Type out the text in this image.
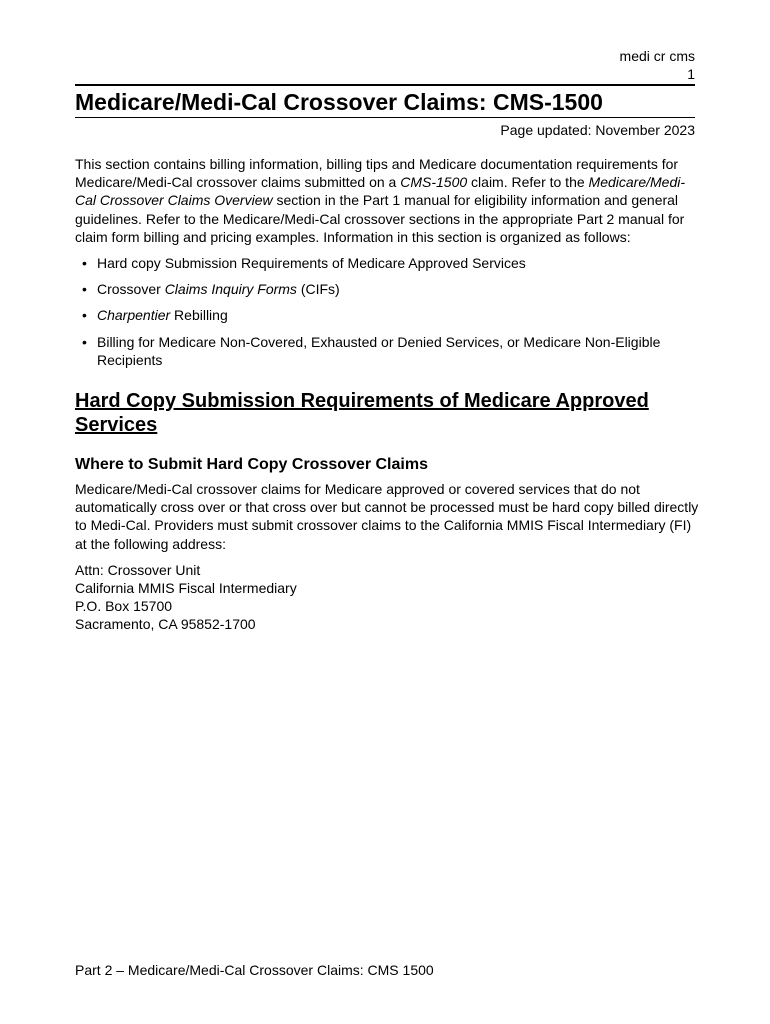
medi cr cms
1
Medicare/Medi-Cal Crossover Claims: CMS-1500
Page updated: November 2023

This section contains billing information, billing tips and Medicare documentation requirements for Medicare/Medi-Cal crossover claims submitted on a CMS-1500 claim. Refer to the Medicare/Medi-Cal Crossover Claims Overview section in the Part 1 manual for eligibility information and general guidelines. Refer to the Medicare/Medi-Cal crossover sections in the appropriate Part 2 manual for claim form billing and pricing examples. Information in this section is organized as follows:

• Hard copy Submission Requirements of Medicare Approved Services
• Crossover Claims Inquiry Forms (CIFs)
• Charpentier Rebilling
• Billing for Medicare Non-Covered, Exhausted or Denied Services, or Medicare Non-Eligible Recipients
Hard Copy Submission Requirements of Medicare Approved Services
Where to Submit Hard Copy Crossover Claims

Medicare/Medi-Cal crossover claims for Medicare approved or covered services that do not automatically cross over or that cross over but cannot be processed must be hard copy billed directly to Medi-Cal. Providers must submit crossover claims to the California MMIS Fiscal Intermediary (FI) at the following address:

Attn: Crossover Unit
California MMIS Fiscal Intermediary
P.O. Box 15700
Sacramento, CA 95852-1700
Part 2 – Medicare/Medi-Cal Crossover Claims: CMS 1500
